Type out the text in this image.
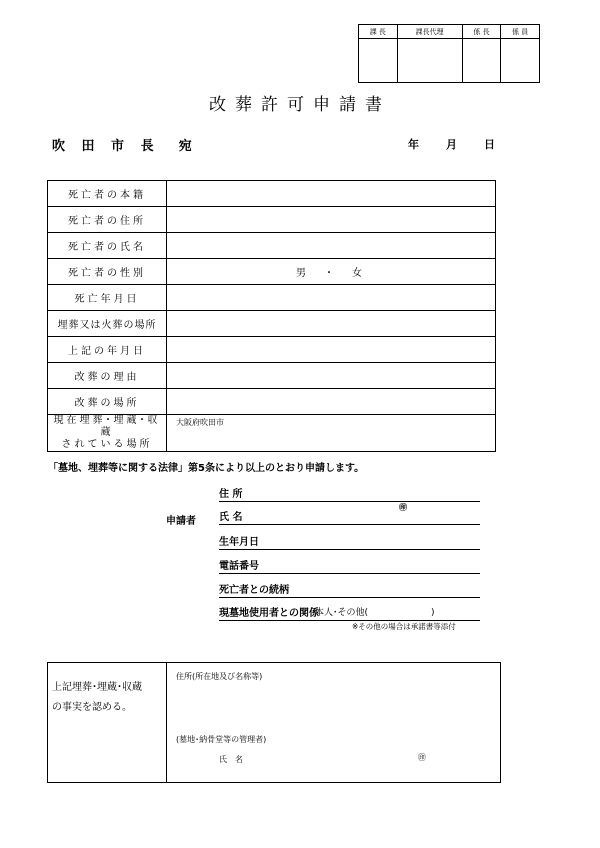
課 長	課長代理	係 長	係 員

改葬許可申請書
吹 田 市 長　宛	年 月 日
死亡者の本籍	
死亡者の住所	
死亡者の氏名	
死亡者の性別	男　・　女
死亡年月日	
埋葬又は火葬の場所	
上記の年月日	
改葬の理由	
改葬の場所	

現在埋葬･埋蔵･収蔵
されている場所	大阪府吹田市
「墓地、埋葬等に関する法律」第5条により以上のとおり申請します。
申請者
住 所
氏 名
㊞
生年月日
電話番号
死亡者との続柄
現墓地使用者との関係
本人･その他(　　　　　　　)
※その他の場合は承諾書等添付
上記埋葬･埋蔵･収蔵
の事実を認める。
住所(所在地及び名称等)
(墓地･納骨堂等の管理者)
氏　名	㊞
